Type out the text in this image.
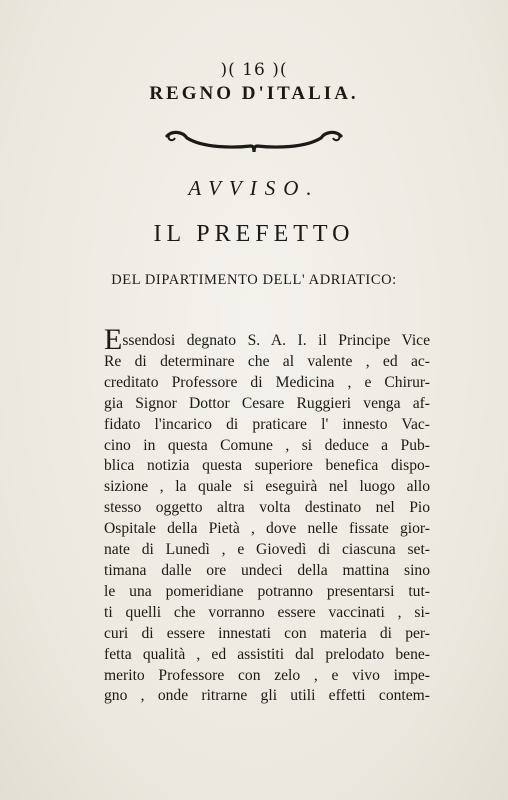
)( 16 )(
REGNO D'ITALIA.
AVVISO.
IL PREFETTO
DEL DIPARTIMENTO DELL' ADRIATICO:
Essendosi degnato S. A. I. il Principe Vice
Re di determinare che al valente , ed ac-
creditato Professore di Medicina , e Chirur-
gia Signor Dottor Cesare Ruggieri venga af-
fidato l'incarico di praticare l' innesto Vac-
cino in questa Comune , si deduce a Pub-
blica notizia questa superiore benefica dispo-
sizione , la quale si eseguirà nel luogo allo
stesso oggetto altra volta destinato nel Pio
Ospitale della Pietà , dove nelle fissate gior-
nate di Lunedì , e Giovedì di ciascuna set-
timana dalle ore undeci della mattina sino
le una pomeridiane potranno presentarsi tut-
ti quelli che vorranno essere vaccinati , si-
curi di essere innestati con materia di per-
fetta qualità , ed assistiti dal prelodato bene-
merito Professore con zelo , e vivo impe-
gno , onde ritrarne gli utili effetti contem-
